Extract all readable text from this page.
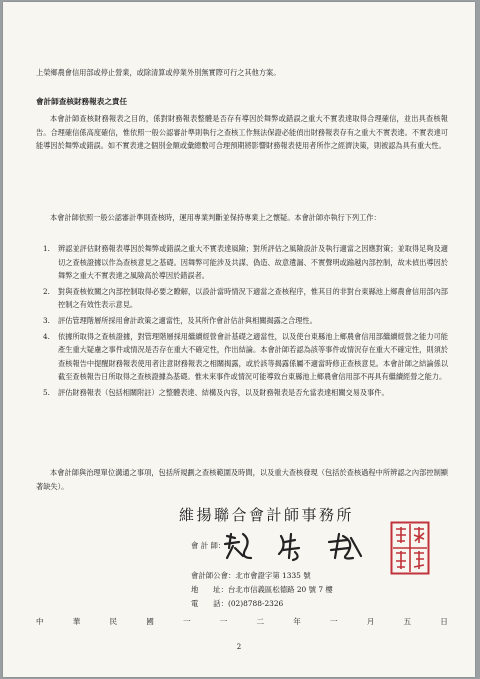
上榮鄉農會信用部或停止營業，或除清算或停業外別無實際可行之其他方案。

會計師查核財務報表之責任

本會計師查核財務報表之目的，係對財務報表整體是否存有導因於舞弊或錯誤之重大不實表達取得合理確信，並出具查核報告。合理確信係高度確信，惟依照一般公認審計準則執行之查核工作無法保證必能偵出財務報表存有之重大不實表達。不實表達可能導因於舞弊或錯誤。如不實表達之個別金額或彙總數可合理預期將影響財務報表使用者所作之經濟決策，則被認為具有重大性。

本會計師依照一般公認審計準則查核時，運用專業判斷並保持專業上之懷疑。本會計師亦執行下列工作：

1. 辨認並評估財務報表導因於舞弊或錯誤之重大不實表達風險；對所評估之風險設計及執行適當之因應對策；並取得足夠及適切之查核證據以作為查核意見之基礎。因舞弊可能涉及共謀、偽造、故意遺漏、不實聲明或踰越內部控制，故未偵出導因於舞弊之重大不實表達之風險高於導因於錯誤者。
2. 對與查核攸關之內部控制取得必要之瞭解，以設計當時情況下適當之查核程序，惟其目的非對台東縣池上鄉農會信用部內部控制之有效性表示意見。
3. 評估管理階層所採用會計政策之適當性，及其所作會計估計與相關揭露之合理性。
4. 依據所取得之查核證據，對管理階層採用繼續經營會計基礎之適當性，以及使台東縣池上鄉農會信用部繼續經營之能力可能產生重大疑慮之事件或情況是否存在重大不確定性，作出結論。本會計師若認為該等事件或情況存在重大不確定性，則須於查核報告中提醒財務報表使用者注意財務報表之相關揭露，或於該等揭露係屬不適當時修正查核意見。本會計師之結論係以截至查核報告日所取得之查核證據為基礎。惟未來事件或情況可能導致台東縣池上鄉農會信用部不再具有繼續經營之能力。
5. 評估財務報表（包括相關附註）之整體表達、結構及內容，以及財務報表是否允當表達相關交易及事件。

本會計師與治理單位溝通之事項，包括所規劃之查核範圍及時間，以及重大查核發現（包括於查核過程中所辨認之內部控制顯著缺失）。

維揚聯合會計師事務所
會 計 師：
會計師公會：北市會證字第 1335 號
地　　址：台北市信義區松德路 20 號 7 樓
電　　話：(02)8788-2326
中	華	民	國	一	一	二	年	一	月	五	日
2
